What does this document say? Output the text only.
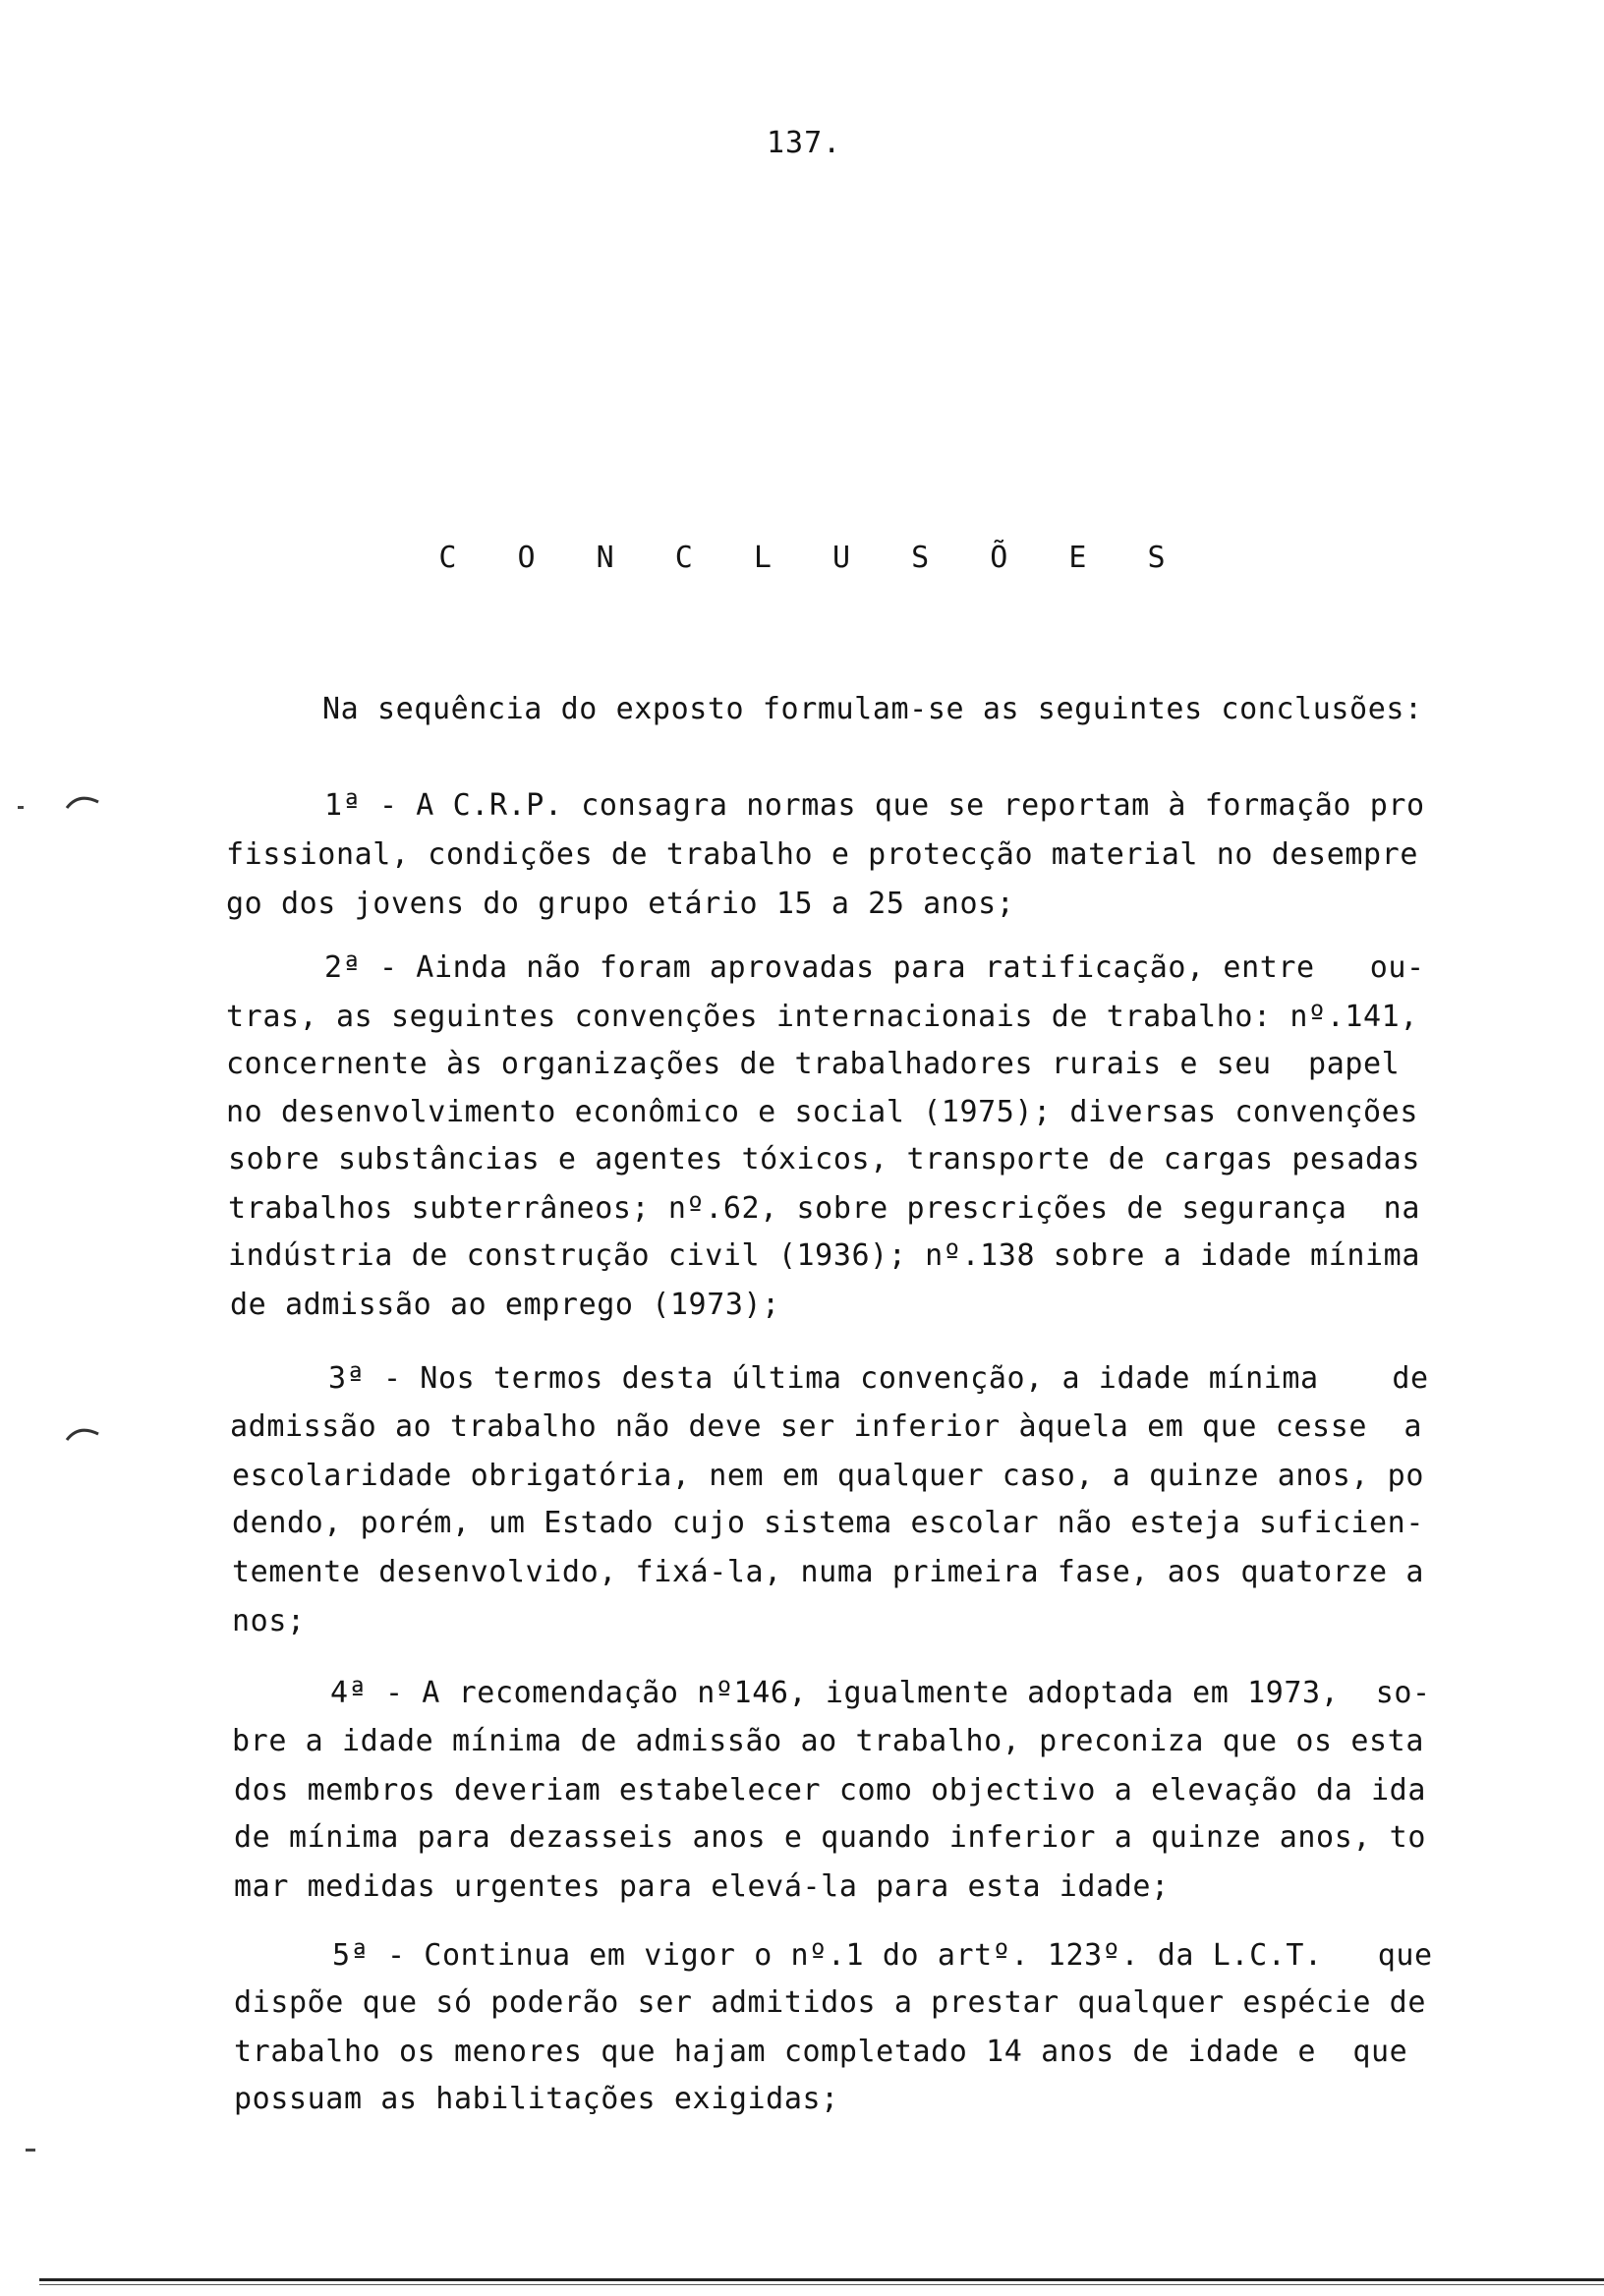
137.
C O N C L U S Õ E S
Na sequência do exposto formulam-se as seguintes conclusões:
1ª - A C.R.P. consagra normas que se reportam à formação pro
fissional, condições de trabalho e protecção material no desempre
go dos jovens do grupo etário 15 a 25 anos;
2ª - Ainda não foram aprovadas para ratificação, entre   ou-
tras, as seguintes convenções internacionais de trabalho: nº.141,
concernente às organizações de trabalhadores rurais e seu  papel
no desenvolvimento econômico e social (1975); diversas convenções
sobre substâncias e agentes tóxicos, transporte de cargas pesadas
trabalhos subterrâneos; nº.62, sobre prescrições de segurança  na
indústria de construção civil (1936); nº.138 sobre a idade mínima
de admissão ao emprego (1973);
3ª - Nos termos desta última convenção, a idade mínima    de
admissão ao trabalho não deve ser inferior àquela em que cesse  a
escolaridade obrigatória, nem em qualquer caso, a quinze anos, po
dendo, porém, um Estado cujo sistema escolar não esteja suficien-
temente desenvolvido, fixá-la, numa primeira fase, aos quatorze a
nos;
4ª - A recomendação nº146, igualmente adoptada em 1973,  so-
bre a idade mínima de admissão ao trabalho, preconiza que os esta
dos membros deveriam estabelecer como objectivo a elevação da ida
de mínima para dezasseis anos e quando inferior a quinze anos, to
mar medidas urgentes para elevá-la para esta idade;
5ª - Continua em vigor o nº.1 do artº. 123º. da L.C.T.   que
dispõe que só poderão ser admitidos a prestar qualquer espécie de
trabalho os menores que hajam completado 14 anos de idade e  que
possuam as habilitações exigidas;
